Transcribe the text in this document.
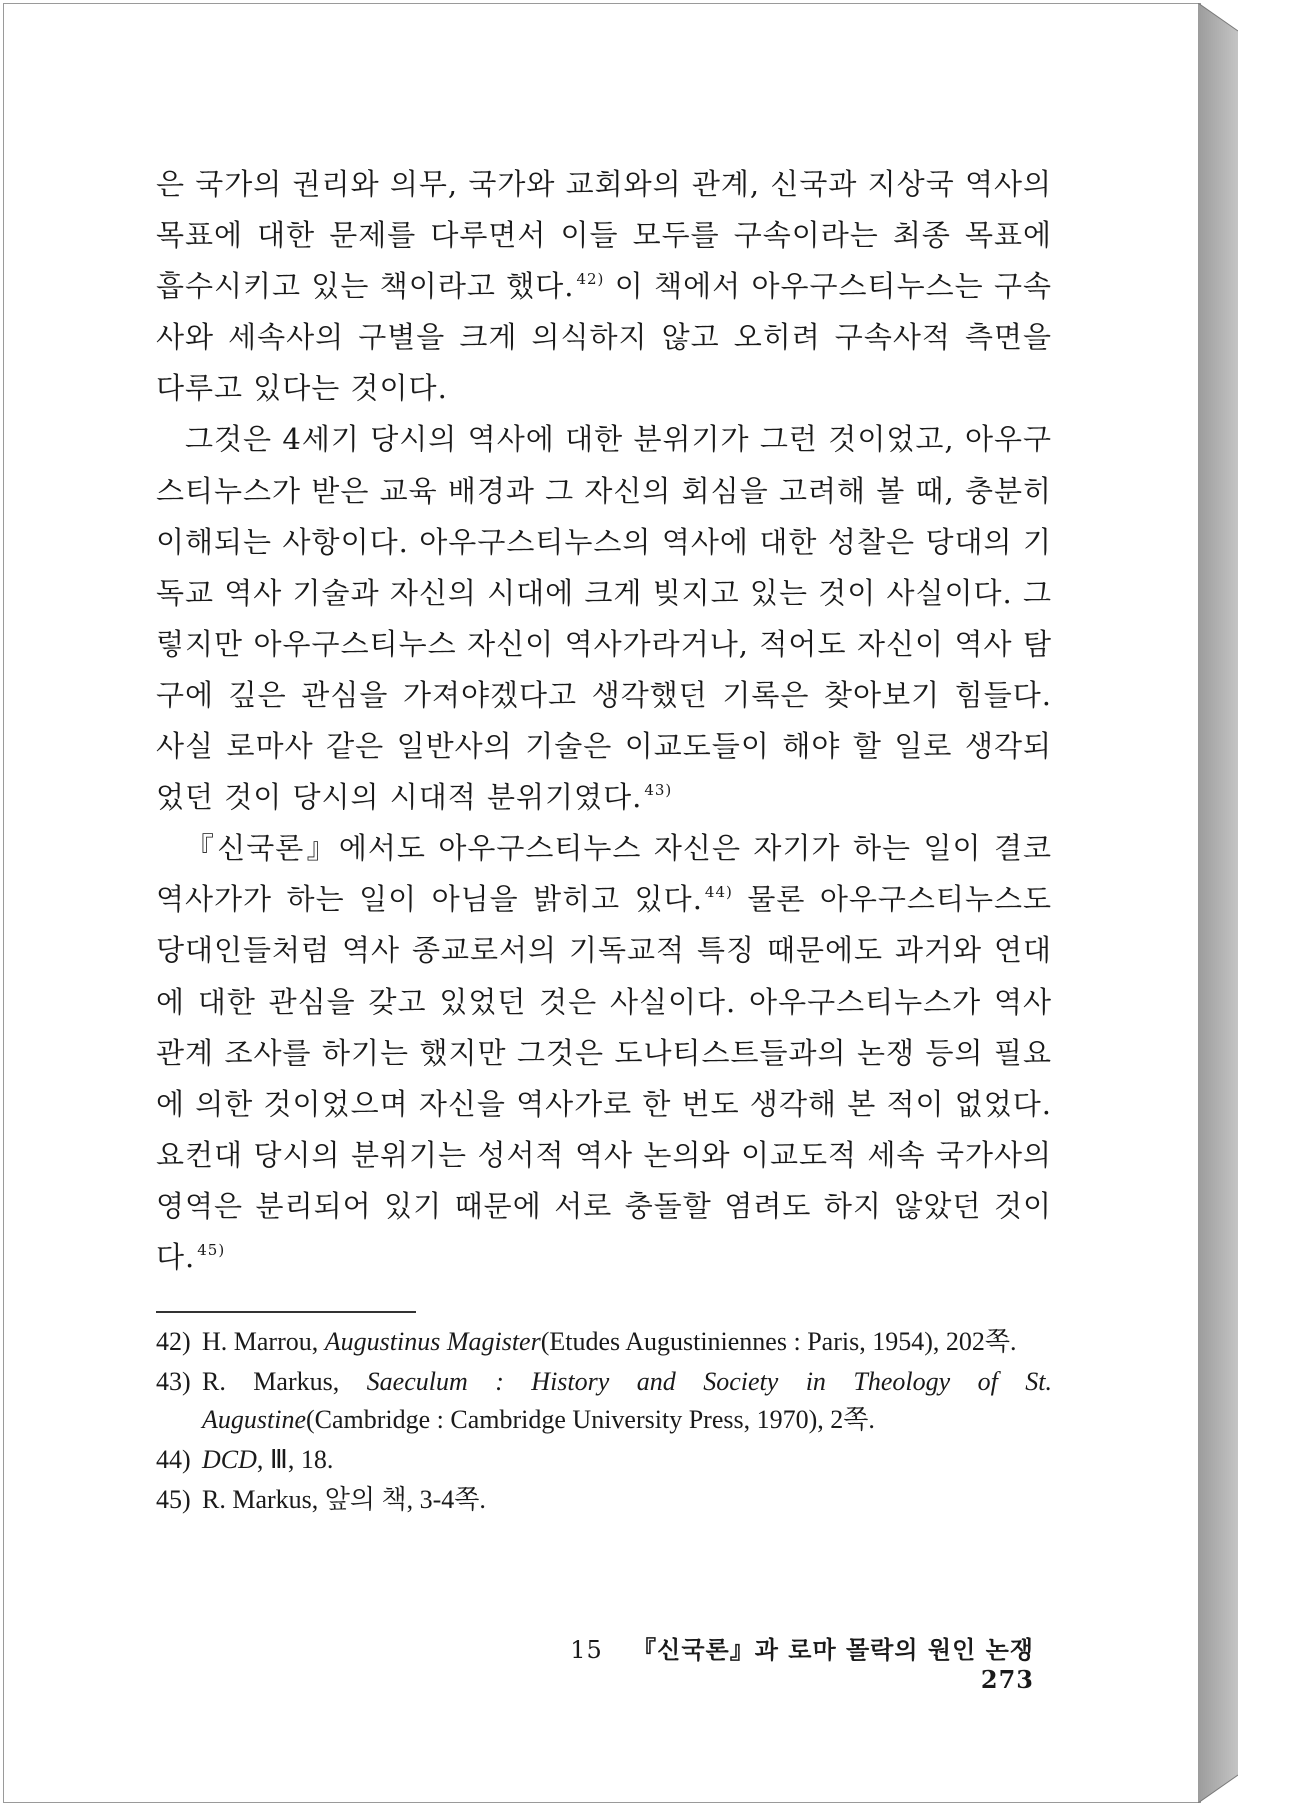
은 국가의 권리와 의무, 국가와 교회와의 관계, 신국과 지상국 역사의 목표에 대한 문제를 다루면서 이들 모두를 구속이라는 최종 목표에 흡수시키고 있는 책이라고 했다. $^{42)}$ 이 책에서 아우구스티누스는 구속사와 세속사의 구별을 크게 의식하지 않고 오히려 구속사적 측면을 다루고 있다는 것이다.

그것은 4세기 당시의 역사에 대한 분위기가 그런 것이었고, 아우구스티누스가 받은 교육 배경과 그 자신의 회심을 고려해 볼 때, 충분히 이해되는 사항이다. 아우구스티누스의 역사에 대한 성찰은 당대의 기독교 역사 기술과 자신의 시대에 크게 빚지고 있는 것이 사실이다. 그렇지만 아우구스티누스 자신이 역사가라거나, 적어도 자신이 역사 탐구에 깊은 관심을 가져야겠다고 생각했던 기록은 찾아보기 힘들다. 사실 로마사 같은 일반사의 기술은 이교도들이 해야 할 일로 생각되었던 것이 당시의 시대적 분위기였다. $^{43)}$

『신국론』에서도 아우구스티누스 자신은 자기가 하는 일이 결코 역사가가 하는 일이 아님을 밝히고 있다. $^{44)}$ 물론 아우구스티누스도 당대인들처럼 역사 종교로서의 기독교적 특징 때문에도 과거와 연대에 대한 관심을 갖고 있었던 것은 사실이다. 아우구스티누스가 역사 관계 조사를 하기는 했지만 그것은 도나티스트들과의 논쟁 등의 필요에 의한 것이었으며 자신을 역사가로 한 번도 생각해 본 적이 없었다. 요컨대 당시의 분위기는 성서적 역사 논의와 이교도적 세속 국가사의 영역은 분리되어 있기 때문에 서로 충돌할 염려도 하지 않았던 것이다. $^{45)}$

42) H. Marrou, Augustinus Magister(Etudes Augustiniennes : Paris, 1954), 202쪽.
43) R. Markus, Saeculum : History and Society in Theology of St. Augustine(Cambridge : Cambridge University Press, 1970), 2쪽.
44) DCD, Ⅲ, 18.
45) R. Markus, 앞의 책, 3-4쪽.
15 『신국론』과 로마 몰락의 원인 논쟁 273
